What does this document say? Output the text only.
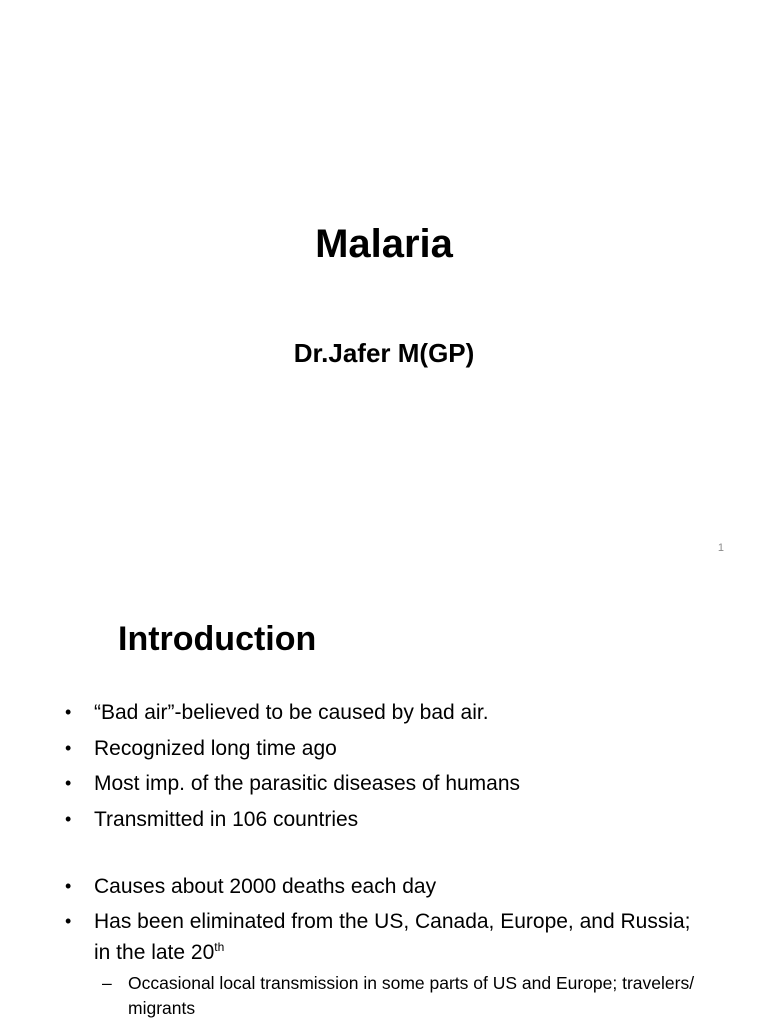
Malaria
Dr.Jafer M(GP)
1
Introduction
• “Bad air”-believed to be caused by bad air.
• Recognized long time ago
• Most imp. of the parasitic diseases of humans
• Transmitted in 106 countries
• Causes about 2000 deaths each day
• Has been eliminated from the US, Canada, Europe, and Russia; in the late 20th
– Occasional local transmission in some parts of US and Europe; travelers/ migrants
